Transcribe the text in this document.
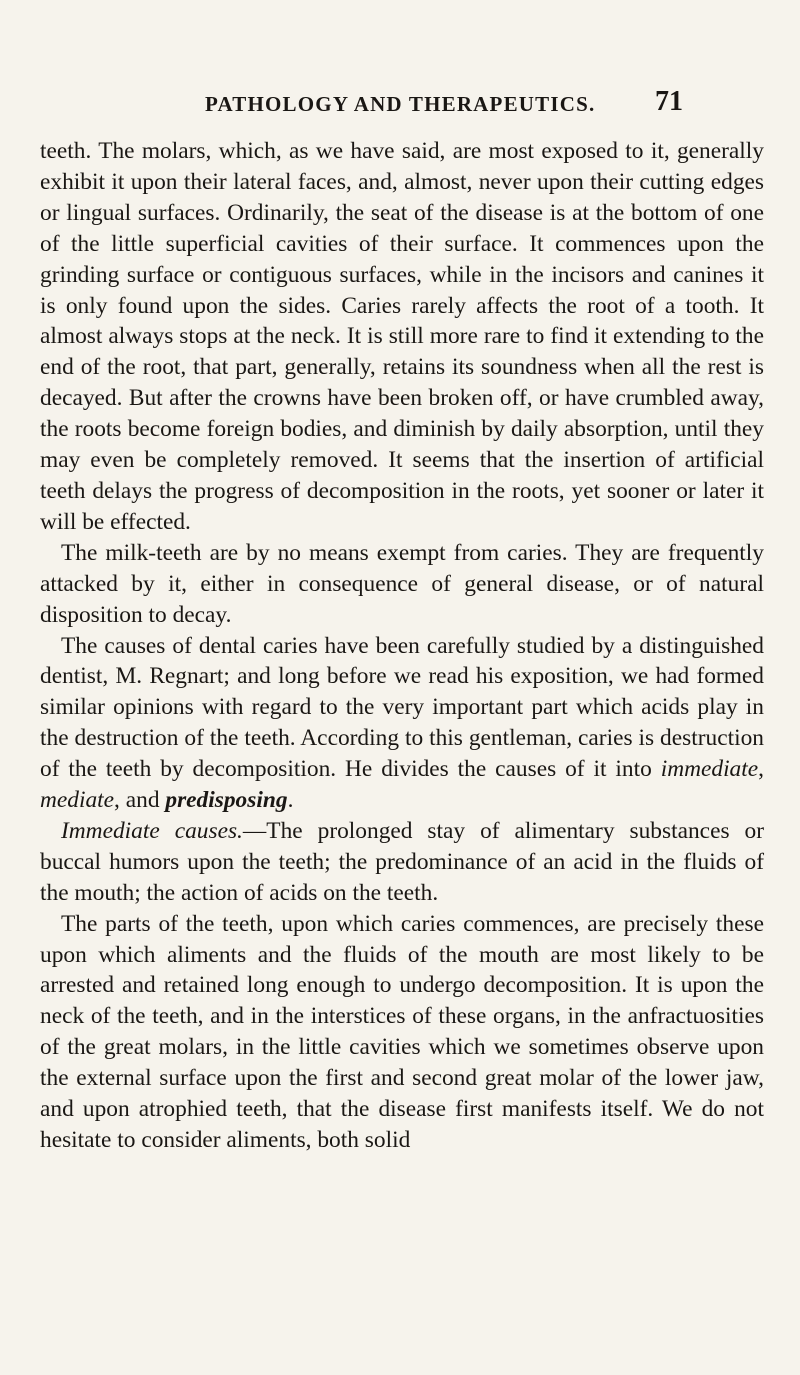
PATHOLOGY AND THERAPEUTICS. 71

teeth. The molars, which, as we have said, are most exposed to it, generally exhibit it upon their lateral faces, and, almost, never upon their cutting edges or lingual surfaces. Ordinarily, the seat of the disease is at the bottom of one of the little superficial cavities of their surface. It commences upon the grinding surface or contiguous surfaces, while in the incisors and canines it is only found upon the sides. Caries rarely affects the root of a tooth. It almost always stops at the neck. It is still more rare to find it extending to the end of the root, that part, generally, retains its soundness when all the rest is decayed. But after the crowns have been broken off, or have crumbled away, the roots become foreign bodies, and diminish by daily absorption, until they may even be completely removed. It seems that the insertion of artificial teeth delays the progress of decomposition in the roots, yet sooner or later it will be effected.

The milk-teeth are by no means exempt from caries. They are frequently attacked by it, either in consequence of general disease, or of natural disposition to decay.

The causes of dental caries have been carefully studied by a distinguished dentist, M. Regnart; and long before we read his exposition, we had formed similar opinions with regard to the very important part which acids play in the destruction of the teeth. According to this gentleman, caries is destruction of the teeth by decomposition. He divides the causes of it into immediate, mediate, and predisposing.

Immediate causes.—The prolonged stay of alimentary substances or buccal humors upon the teeth; the predominance of an acid in the fluids of the mouth; the action of acids on the teeth.

The parts of the teeth, upon which caries commences, are precisely these upon which aliments and the fluids of the mouth are most likely to be arrested and retained long enough to undergo decomposition. It is upon the neck of the teeth, and in the interstices of these organs, in the anfractuosities of the great molars, in the little cavities which we sometimes observe upon the external surface upon the first and second great molar of the lower jaw, and upon atrophied teeth, that the disease first manifests itself. We do not hesitate to consider aliments, both solid
